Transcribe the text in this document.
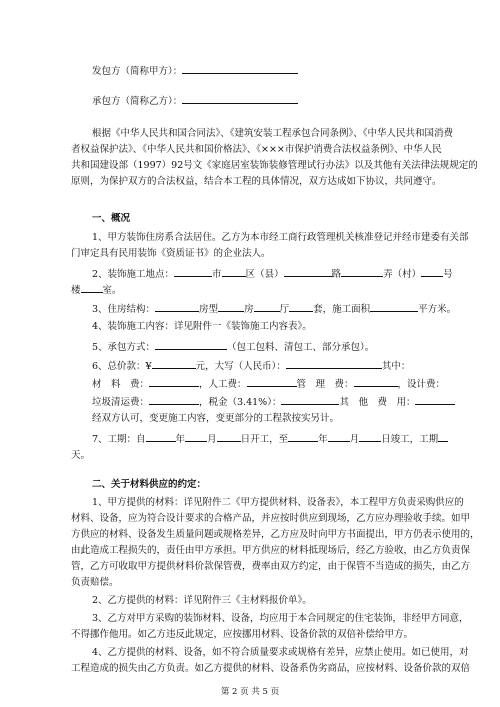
发包方（简称甲方）：
承包方（简称乙方）：
根据《中华人民共和国合同法》、《建筑安装工程承包合同条例》、《中华人民共和国消费
者权益保护法》、《中华人民共和国价格法》、《×××市保护消费合法权益条例》、中华人民
共和国建设部（1997）92号文《家庭居室装饰装修管理试行办法》以及其他有关法律法规规定的
原则，为保护双方的合法权益，结合本工程的具体情况，双方达成如下协议，共同遵守。
一、概况
1、甲方装饰住房系合法居住。乙方为本市经工商行政管理机关核准登记并经市建委有关部
门审定具有民用装饰《资质证书》的企业法人。
2、装饰施工地点：	市	区（县）	路	弄（村） 号
楼 室。
3、住房结构：	房型	房	厅	套，施工面积	平方米。
4、装饰施工内容：详见附件一《装饰施工内容表》。
5、承包方式：	（包工包料、清包工、部分承包）。
6、总价款：¥	元，大写（人民币）：	其中：
材　料　费：	，人工费：	管　理　费：	，设计费：
垃圾清运费：	，税金（3.41%）：	其　他　费　用：
经双方认可，变更施工内容，变更部分的工程款按实另计。
7、工期：自	年 月	日开工，至	年 月 日竣工，工期
天。
二、关于材料供应的约定：
1、甲方提供的材料：详见附件二《甲方提供材料、设备表》，本工程甲方负责采购供应的
材料、设备，应为符合设计要求的合格产品，并应按时供应到现场，乙方应办理验收手续。如甲
方供应的材料、设备发生质量问题或规格差异，乙方应及时向甲方书面提出，甲方仍表示使用的，
由此造成工程损失的，责任由甲方承担。甲方供应的材料抵现场后，经乙方验收，由乙方负责保
管，乙方可收取甲方提供材料价款保管费，费率由双方约定，由于保管不当造成的损失，由乙方
负责赔偿。
2、乙方提供的材料：详见附件三《主材料报价单》。
3、乙方对甲方采购的装饰材料、设备，均应用于本合同规定的住宅装饰，非经甲方同意，
不得挪作他用。如乙方违反此规定，应按挪用材料、设备价款的双倍补偿给甲方。
4、乙方提供的材料、设备，如不符合质量要求或规格有差异，应禁止使用。如已使用，对
工程造成的损失由乙方负责。如乙方提供的材料、设备系伪劣商品，应按材料、设备价款的双倍
第 2 页 共 5 页
